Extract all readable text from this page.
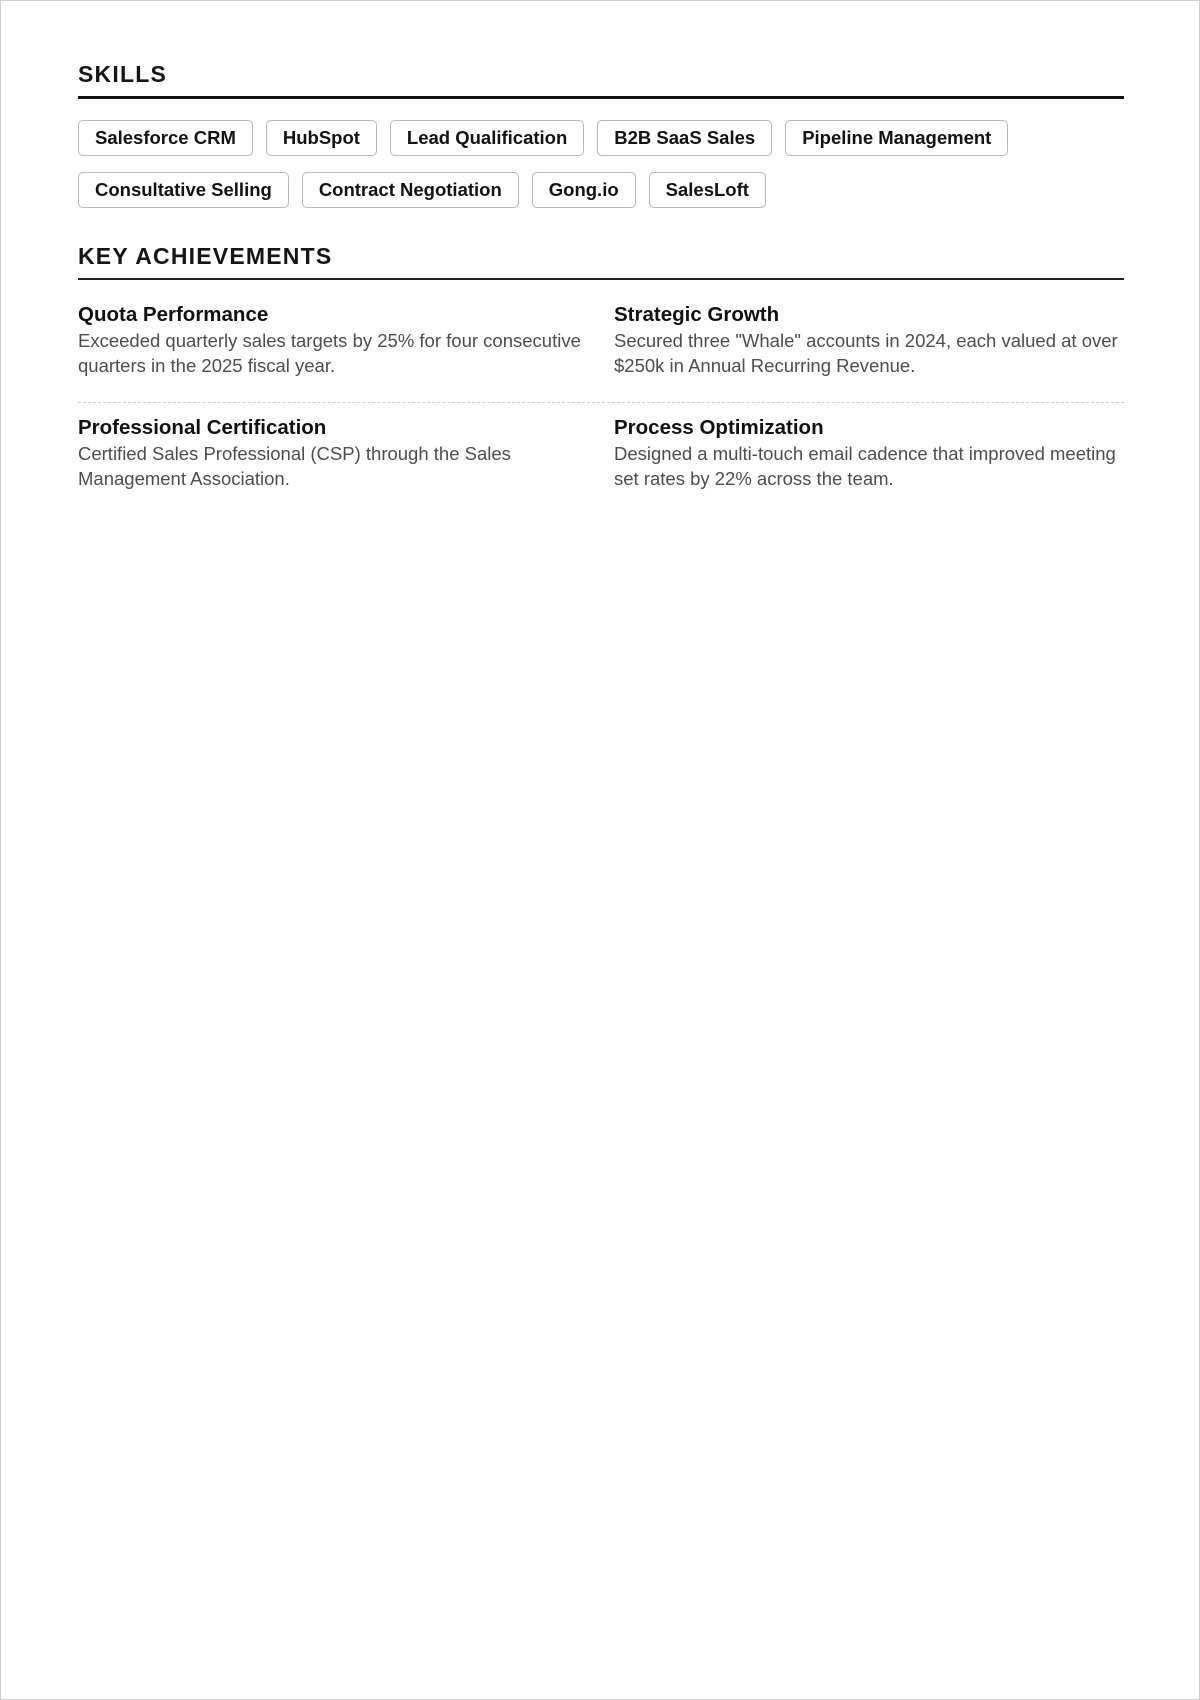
SKILLS
Salesforce CRM	HubSpot	Lead Qualification	B2B SaaS Sales	Pipeline Management
Consultative Selling	Contract Negotiation	Gong.io	SalesLoft
KEY ACHIEVEMENTS
Quota Performance

Exceeded quarterly sales targets by 25% for four consecutive quarters in the 2025 fiscal year.

Strategic Growth

Secured three "Whale" accounts in 2024, each valued at over $250k in Annual Recurring Revenue.

Professional Certification

Certified Sales Professional (CSP) through the Sales Management Association.

Process Optimization

Designed a multi-touch email cadence that improved meeting set rates by 22% across the team.
